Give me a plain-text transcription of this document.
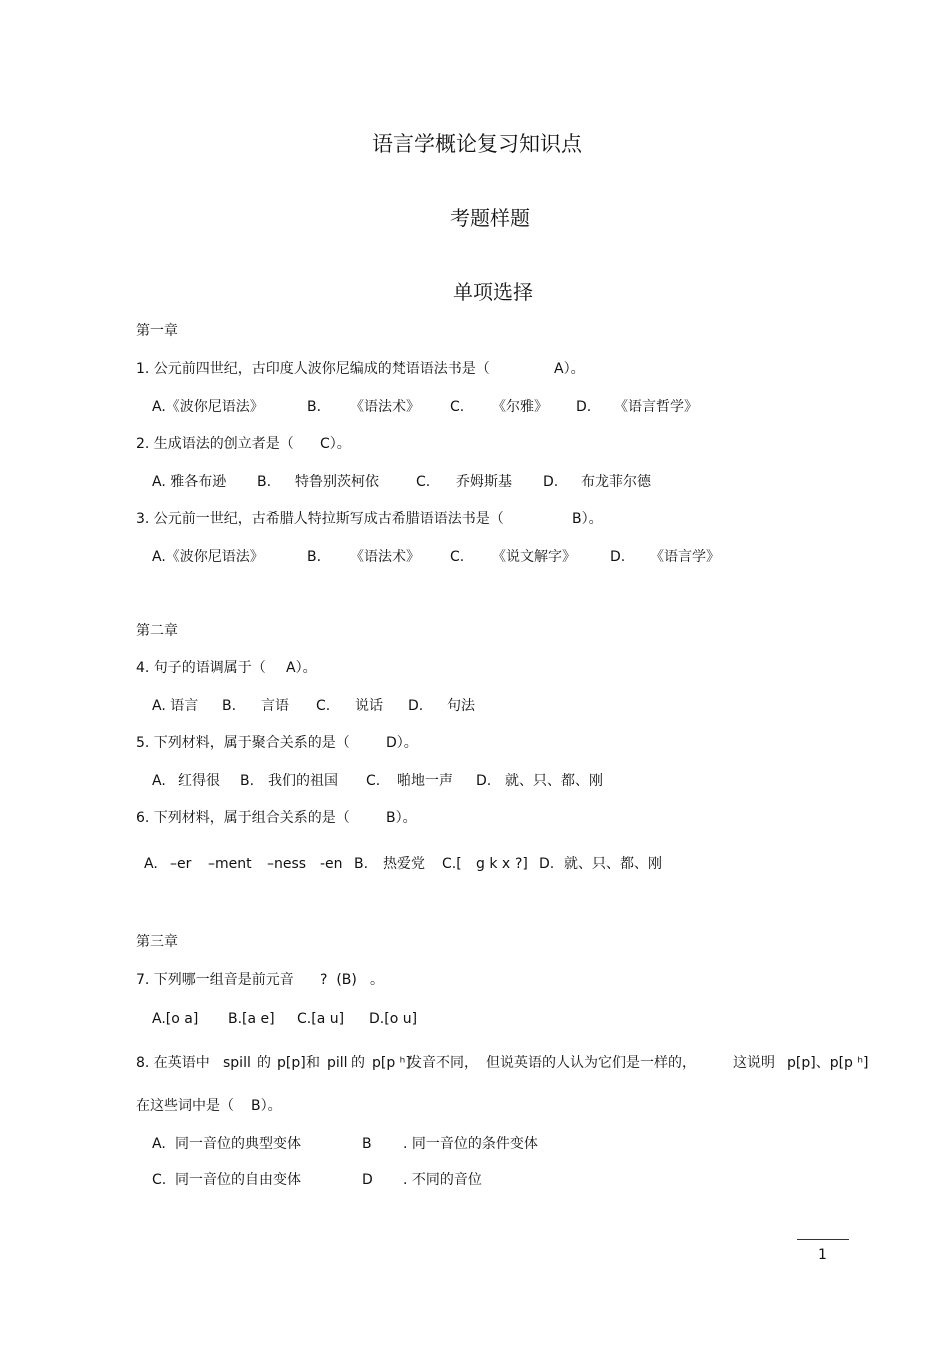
语言学概论复习知识点
考题样题
单项选择
第一章
1. 公元前四世纪，古印度人波你尼编成的梵语语法书是（	A）。
A.《波你尼语法》	B. 《语法术》 C. 《尔雅》 D. 《语言哲学》
2. 生成语法的创立者是（ C）。
A. 雅各布逊 B. 特鲁别茨柯依	C. 乔姆斯基 D. 布龙菲尔德
3. 公元前一世纪，古希腊人特拉斯写成古希腊语语法书是（	B）。
A.《波你尼语法》	B. 《语法术》 C. 《说文解字》 D. 《语言学》
第二章
4. 句子的语调属于（ A）。
A. 语言 B. 言语 C. 说话 D. 句法
5. 下列材料，属于聚合关系的是（	D）。
A. 红得很 B. 我们的祖国 C. 啪地一声 D. 就、只、都、刚
6. 下列材料，属于组合关系的是（	B）。
A. –er –ment –ness -en B. 热爱党 C.[ g k x ?] D. 就、只、都、刚
第三章
7. 下列哪一组音是前元音 ?  (B) 。
A.[o a] B.[a e] C.[a u] D.[o u]
8. 在英语中 spill 的 p[p] 和 pill 的 p[p ʰ]
发音不同， 但说英语的人认为它们是一样的，	这说明 p[p]、p[p ʰ]
在这些词中是（ B）。
A. 同一音位的典型变体	B . 同一音位的条件变体
C. 同一音位的自由变体	D . 不同的音位
1
